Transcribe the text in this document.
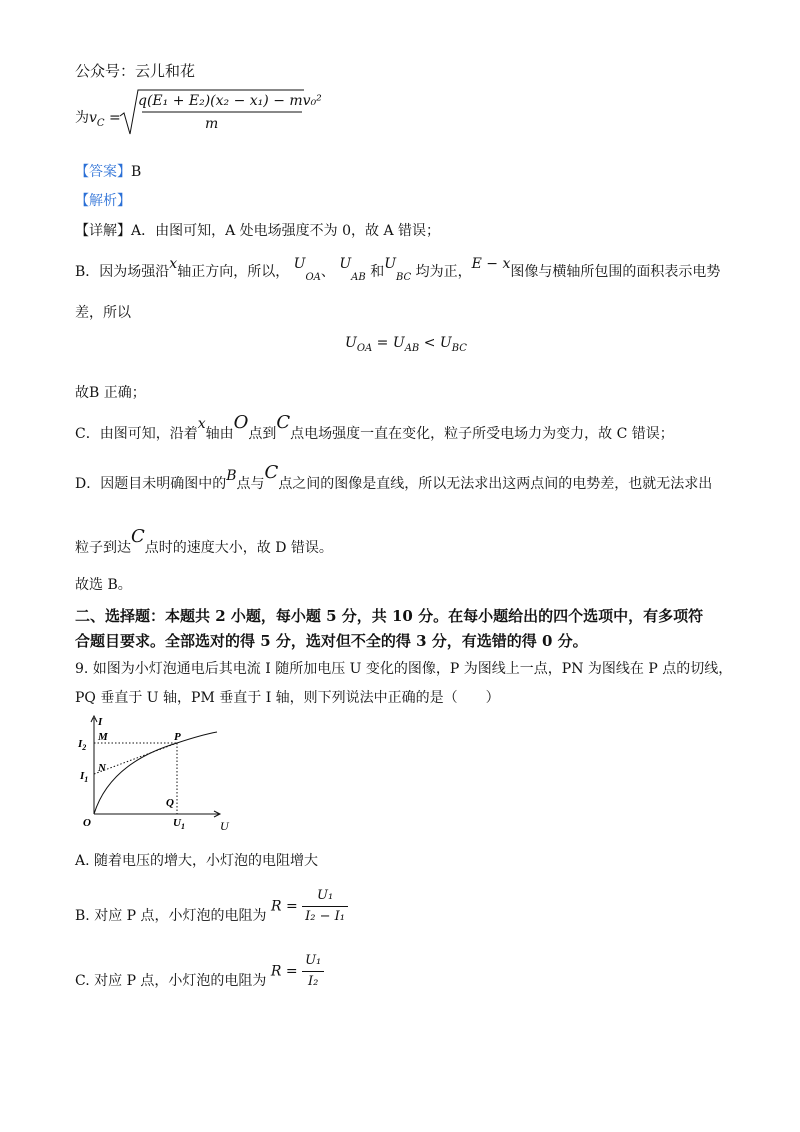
公众号：云儿和花
为$v_C$ =
q(E₁ + E₂)(x₂ − x₁) − mv₀²
m
【答案】B
【解析】
【详解】A．由图可知，A 处电场强度不为 0，故 A 错误；
B．因为场强沿x轴正方向，所以， $U_{OA}$、 $U_{AB}$ 和$U_{BC}$ 均为正，E − x图像与横轴所包围的面积表示电势
差，所以
$U_{OA} = U_{AB} < U_{BC}$
故B 正确；
C．由图可知，沿着x轴由O点到C点电场强度一直在变化，粒子所受电场力为变力，故 C 错误；
D．因题目未明确图中的B点与C点之间的图像是直线，所以无法求出这两点间的电势差，也就无法求出
粒子到达C点时的速度大小，故 D 错误。
故选 B。
二、选择题：本题共 2 小题，每小题 5 分，共 10 分。在每小题给出的四个选项中，有多项符
合题目要求。全部选对的得 5 分，选对但不全的得 3 分，有选错的得 0 分。
9. 如图为小灯泡通电后其电流 I 随所加电压 U 变化的图像，P 为图线上一点，PN 为图线在 P 点的切线，
PQ 垂直于 U 轴，PM 垂直于 I 轴，则下列说法中正确的是（　　）
I
$I_2$
M
N
$I_1$
P
Q
O	$U_1$	U
A. 随着电压的增大，小灯泡的电阻增大
B. 对应 P 点，小灯泡的电阻为 $R = \frac{\text{U₁}}{\text{I₂ − I₁}}$
C. 对应 P 点，小灯泡的电阻为 $R = \frac{\text{U₁}}{\text{I₂}}$
